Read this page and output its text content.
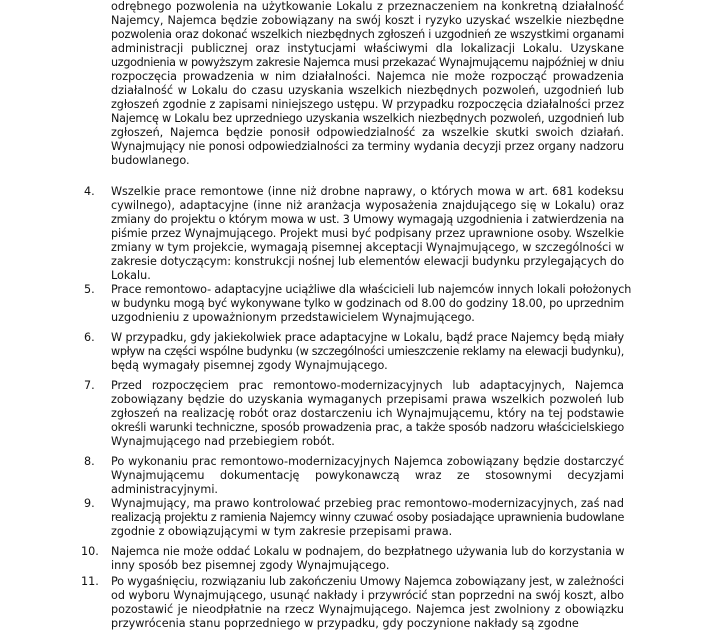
odrębnego pozwolenia na użytkowanie Lokalu z przeznaczeniem na konkretną działalność
Najemcy, Najemca będzie zobowiązany na swój koszt i ryzyko uzyskać wszelkie niezbędne
pozwolenia oraz dokonać wszelkich niezbędnych zgłoszeń i uzgodnień ze wszystkimi organami
administracji publicznej oraz instytucjami właściwymi dla lokalizacji Lokalu. Uzyskane
uzgodnienia w powyższym zakresie Najemca musi przekazać Wynajmującemu najpóźniej w dniu
rozpoczęcia prowadzenia w nim działalności. Najemca nie może rozpocząć prowadzenia
działalność w Lokalu do czasu uzyskania wszelkich niezbędnych pozwoleń, uzgodnień lub
zgłoszeń zgodnie z zapisami niniejszego ustępu. W przypadku rozpoczęcia działalności przez
Najemcę w Lokalu bez uprzedniego uzyskania wszelkich niezbędnych pozwoleń, uzgodnień lub
zgłoszeń, Najemca będzie ponosił odpowiedzialność za wszelkie skutki swoich działań.
Wynajmujący nie ponosi odpowiedzialności za terminy wydania decyzji przez organy nadzoru
budowlanego.
4. Wszelkie prace remontowe (inne niż drobne naprawy, o których mowa w art. 681 kodeksu
cywilnego), adaptacyjne (inne niż aranżacja wyposażenia znajdującego się w Lokalu) oraz
zmiany do projektu o którym mowa w ust. 3 Umowy wymagają uzgodnienia i zatwierdzenia na
piśmie przez Wynajmującego. Projekt musi być podpisany przez uprawnione osoby. Wszelkie
zmiany w tym projekcie, wymagają pisemnej akceptacji Wynajmującego, w szczególności w
zakresie dotyczącym: konstrukcji nośnej lub elementów elewacji budynku przylegających do
Lokalu.
5. Prace remontowo- adaptacyjne uciążliwe dla właścicieli lub najemców innych lokali położonych
w budynku mogą być wykonywane tylko w godzinach od 8.00 do godziny 18.00, po uprzednim
uzgodnieniu z upoważnionym przedstawicielem Wynajmującego.
6. W przypadku, gdy jakiekolwiek prace adaptacyjne w Lokalu, bądź prace Najemcy będą miały
wpływ na części wspólne budynku (w szczególności umieszczenie reklamy na elewacji budynku),
będą wymagały pisemnej zgody Wynajmującego.
7. Przed rozpoczęciem prac remontowo-modernizacyjnych lub adaptacyjnych, Najemca
zobowiązany będzie do uzyskania wymaganych przepisami prawa wszelkich pozwoleń lub
zgłoszeń na realizację robót oraz dostarczeniu ich Wynajmującemu, który na tej podstawie
określi warunki techniczne, sposób prowadzenia prac, a także sposób nadzoru właścicielskiego
Wynajmującego nad przebiegiem robót.
8. Po wykonaniu prac remontowo-modernizacyjnych Najemca zobowiązany będzie dostarczyć
Wynajmującemu dokumentację powykonawczą wraz ze stosownymi decyzjami
administracyjnymi.
9. Wynajmujący, ma prawo kontrolować przebieg prac remontowo-modernizacyjnych, zaś nad
realizacją projektu z ramienia Najemcy winny czuwać osoby posiadające uprawnienia budowlane
zgodnie z obowiązującymi w tym zakresie przepisami prawa.
10. Najemca nie może oddać Lokalu w podnajem, do bezpłatnego używania lub do korzystania w
inny sposób bez pisemnej zgody Wynajmującego.
11. Po wygaśnięciu, rozwiązaniu lub zakończeniu Umowy Najemca zobowiązany jest, w zależności
od wyboru Wynajmującego, usunąć nakłady i przywrócić stan poprzedni na swój koszt, albo
pozostawić je nieodpłatnie na rzecz Wynajmującego. Najemca jest zwolniony z obowiązku
przywrócenia stanu poprzedniego w przypadku, gdy poczynione nakłady są zgodne
